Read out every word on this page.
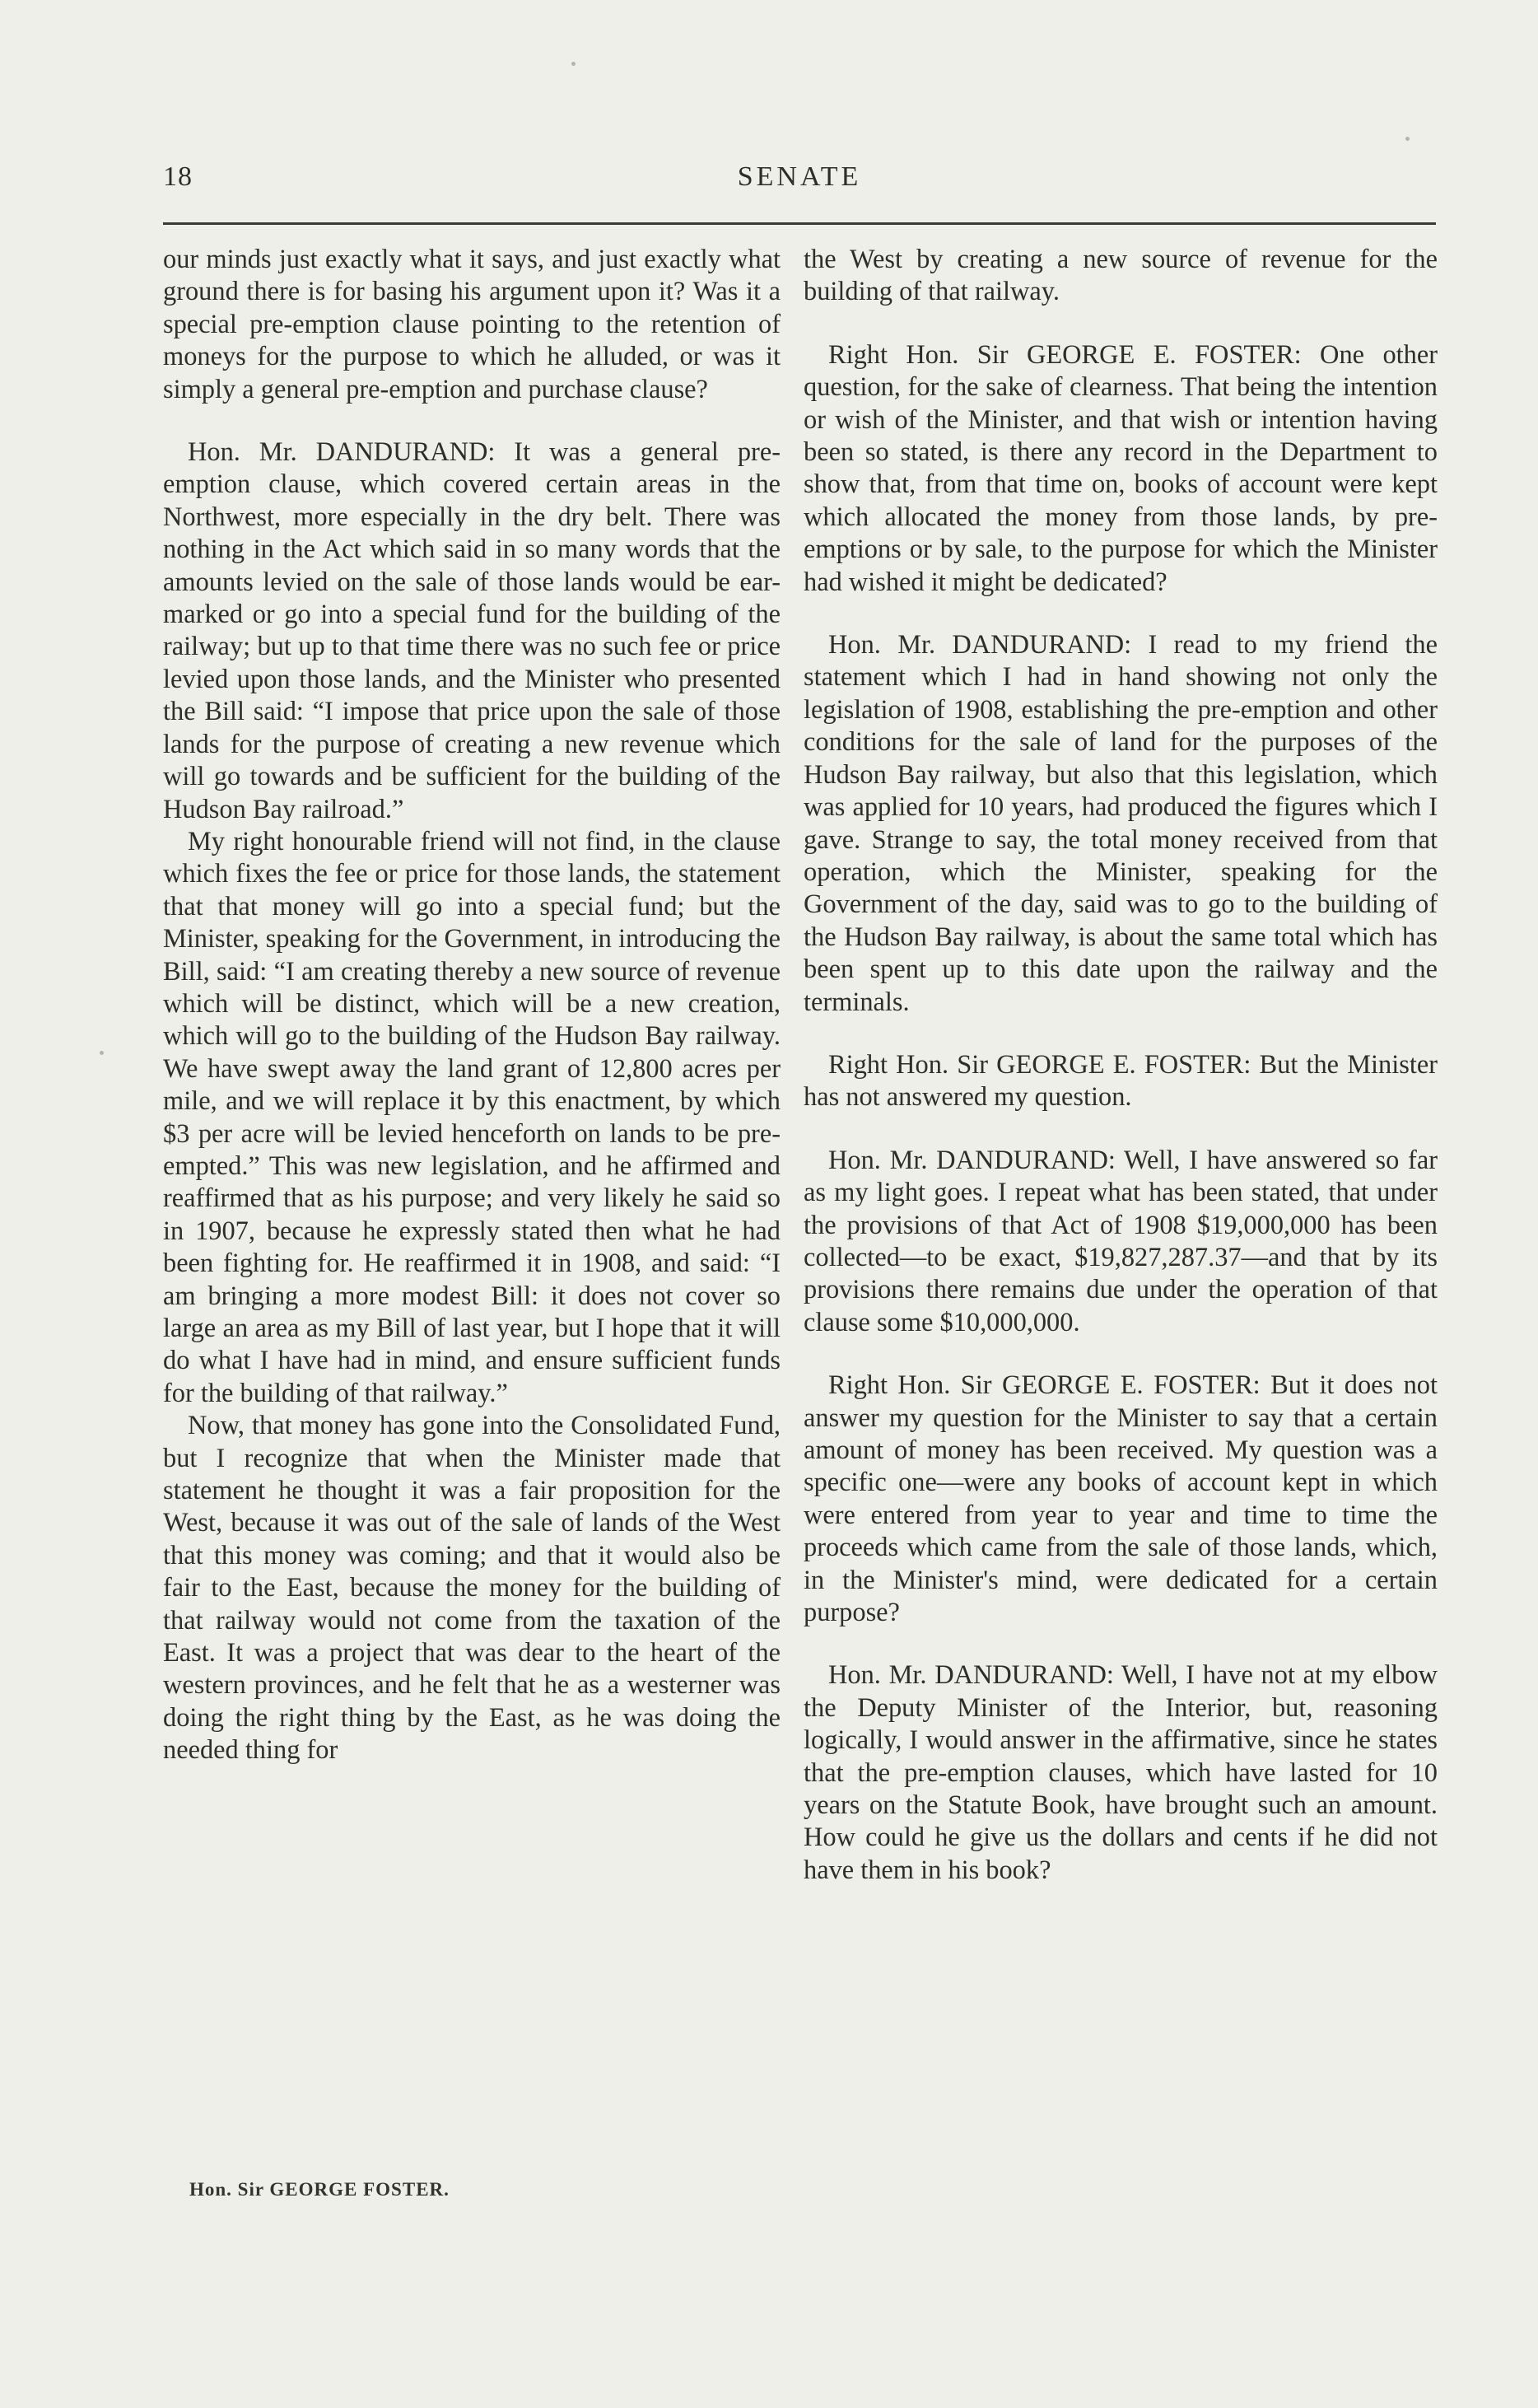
18	SENATE

our minds just exactly what it says, and just exactly what ground there is for basing his argument upon it? Was it a special pre-emption clause pointing to the retention of moneys for the purpose to which he alluded, or was it simply a general pre-emption and purchase clause?

Hon. Mr. DANDURAND: It was a general pre-emption clause, which covered certain areas in the Northwest, more especially in the dry belt. There was nothing in the Act which said in so many words that the amounts levied on the sale of those lands would be ear-marked or go into a special fund for the building of the railway; but up to that time there was no such fee or price levied upon those lands, and the Minister who presented the Bill said: “I impose that price upon the sale of those lands for the purpose of creating a new revenue which will go towards and be sufficient for the building of the Hudson Bay railroad.”

My right honourable friend will not find, in the clause which fixes the fee or price for those lands, the statement that that money will go into a special fund; but the Minister, speaking for the Government, in introducing the Bill, said: “I am creating thereby a new source of revenue which will be distinct, which will be a new creation, which will go to the building of the Hudson Bay railway. We have swept away the land grant of 12,800 acres per mile, and we will replace it by this enactment, by which $3 per acre will be levied henceforth on lands to be pre-empted.” This was new legislation, and he affirmed and reaffirmed that as his purpose; and very likely he said so in 1907, because he expressly stated then what he had been fighting for. He reaffirmed it in 1908, and said: “I am bringing a more modest Bill: it does not cover so large an area as my Bill of last year, but I hope that it will do what I have had in mind, and ensure sufficient funds for the building of that railway.”

Now, that money has gone into the Consolidated Fund, but I recognize that when the Minister made that statement he thought it was a fair proposition for the West, because it was out of the sale of lands of the West that this money was coming; and that it would also be fair to the East, because the money for the building of that railway would not come from the taxation of the East. It was a project that was dear to the heart of the western provinces, and he felt that he as a westerner was doing the right thing by the East, as he was doing the needed thing for

the West by creating a new source of revenue for the building of that railway.

Right Hon. Sir GEORGE E. FOSTER: One other question, for the sake of clearness. That being the intention or wish of the Minister, and that wish or intention having been so stated, is there any record in the Department to show that, from that time on, books of account were kept which allocated the money from those lands, by pre-emptions or by sale, to the purpose for which the Minister had wished it might be dedicated?

Hon. Mr. DANDURAND: I read to my friend the statement which I had in hand showing not only the legislation of 1908, establishing the pre-emption and other conditions for the sale of land for the purposes of the Hudson Bay railway, but also that this legislation, which was applied for 10 years, had produced the figures which I gave. Strange to say, the total money received from that operation, which the Minister, speaking for the Government of the day, said was to go to the building of the Hudson Bay railway, is about the same total which has been spent up to this date upon the railway and the terminals.

Right Hon. Sir GEORGE E. FOSTER: But the Minister has not answered my question.

Hon. Mr. DANDURAND: Well, I have answered so far as my light goes. I repeat what has been stated, that under the provisions of that Act of 1908 $19,000,000 has been collected—to be exact, $19,827,287.37—and that by its provisions there remains due under the operation of that clause some $10,000,000.

Right Hon. Sir GEORGE E. FOSTER: But it does not answer my question for the Minister to say that a certain amount of money has been received. My question was a specific one—were any books of account kept in which were entered from year to year and time to time the proceeds which came from the sale of those lands, which, in the Minister's mind, were dedicated for a certain purpose?

Hon. Mr. DANDURAND: Well, I have not at my elbow the Deputy Minister of the Interior, but, reasoning logically, I would answer in the affirmative, since he states that the pre-emption clauses, which have lasted for 10 years on the Statute Book, have brought such an amount. How could he give us the dollars and cents if he did not have them in his book?

Hon. Sir GEORGE FOSTER.
